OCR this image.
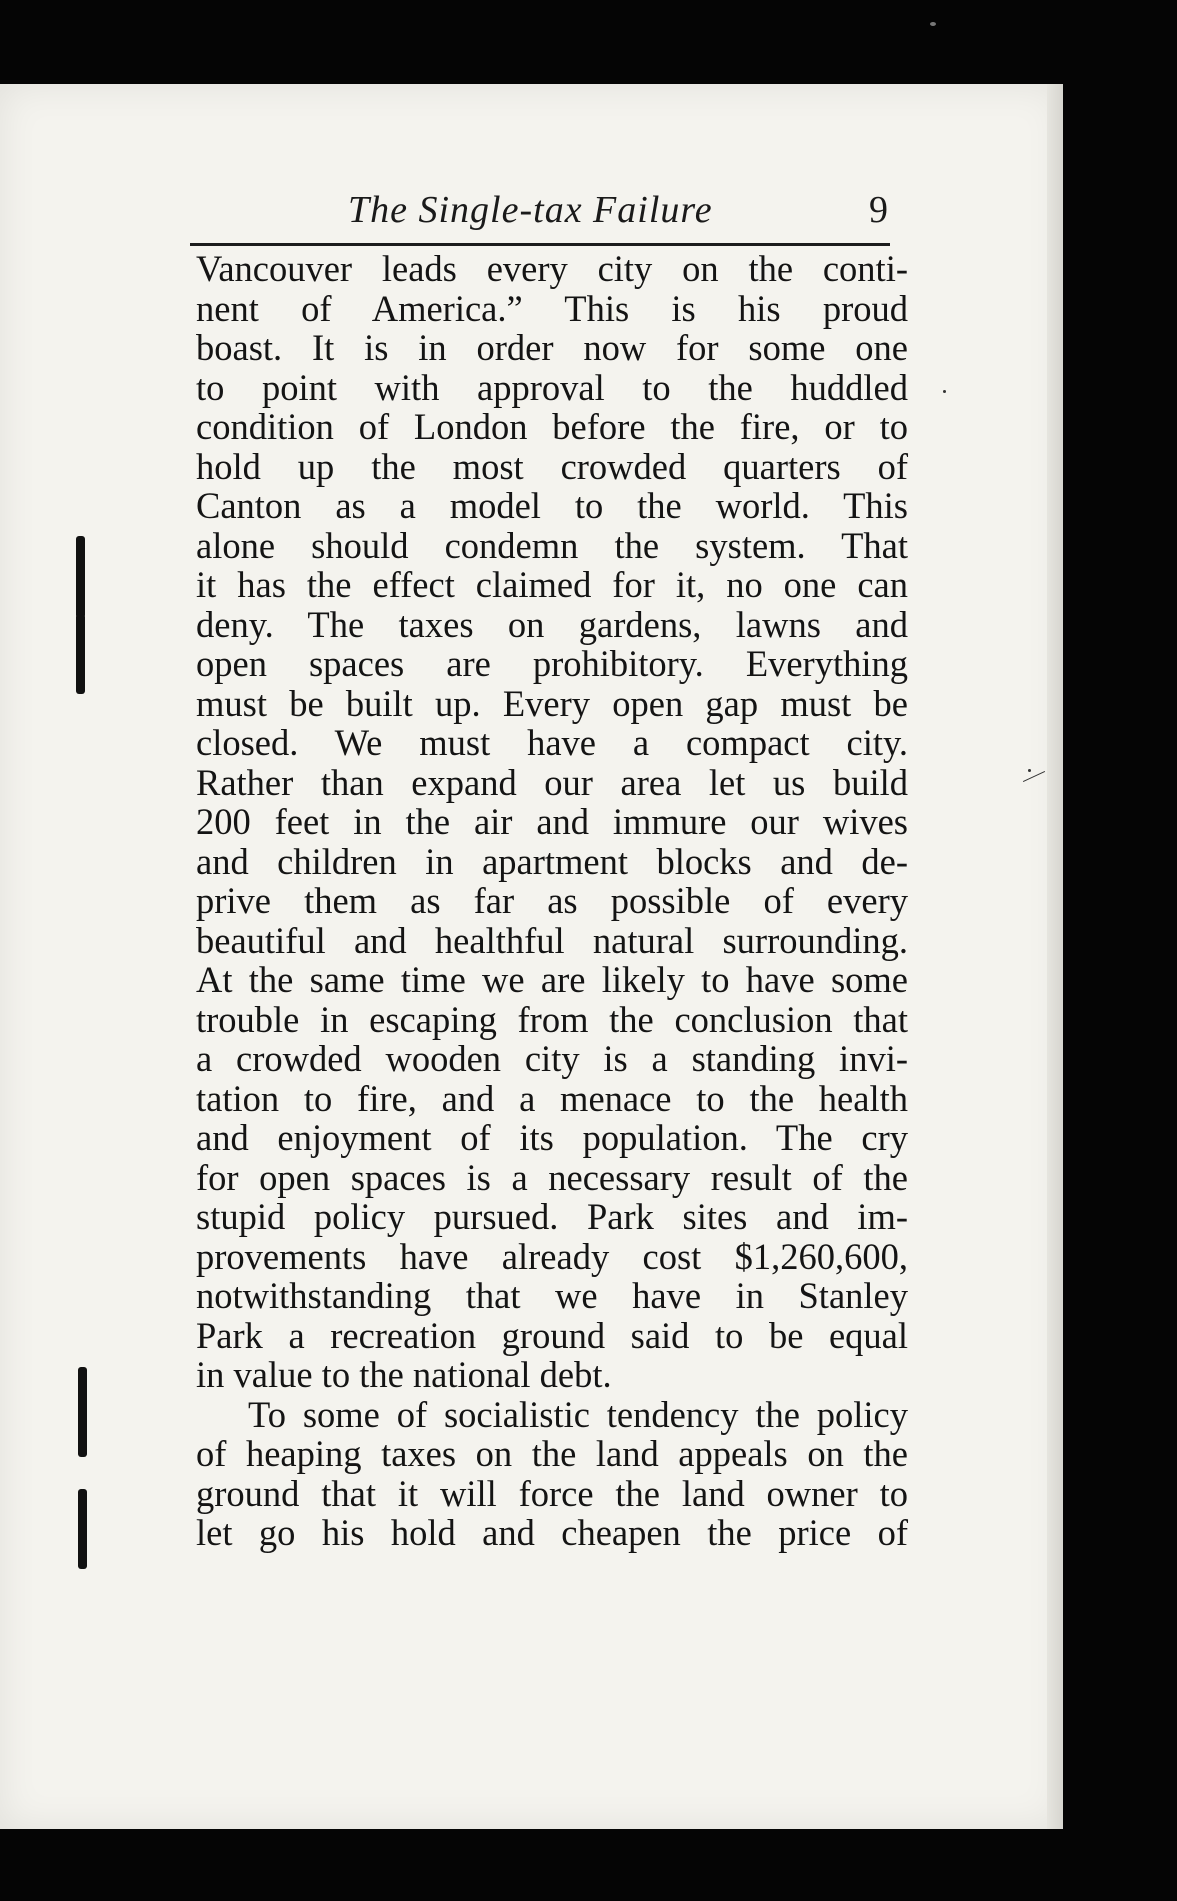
The Single-tax Failure	9
Vancouver leads every city on the conti-
nent of America.” This is his proud
boast. It is in order now for some one
to point with approval to the huddled
condition of London before the fire, or to
hold up the most crowded quarters of
Canton as a model to the world. This
alone should condemn the system. That
it has the effect claimed for it, no one can
deny. The taxes on gardens, lawns and
open spaces are prohibitory. Everything
must be built up. Every open gap must be
closed. We must have a compact city.
Rather than expand our area let us build
200 feet in the air and immure our wives
and children in apartment blocks and de-
prive them as far as possible of every
beautiful and healthful natural surrounding.
At the same time we are likely to have some
trouble in escaping from the conclusion that
a crowded wooden city is a standing invi-
tation to fire, and a menace to the health
and enjoyment of its population. The cry
for open spaces is a necessary result of the
stupid policy pursued. Park sites and im-
provements have already cost $1,260,600,
notwithstanding that we have in Stanley
Park a recreation ground said to be equal
in value to the national debt.
To some of socialistic tendency the policy
of heaping taxes on the land appeals on the
ground that it will force the land owner to
let go his hold and cheapen the price of
